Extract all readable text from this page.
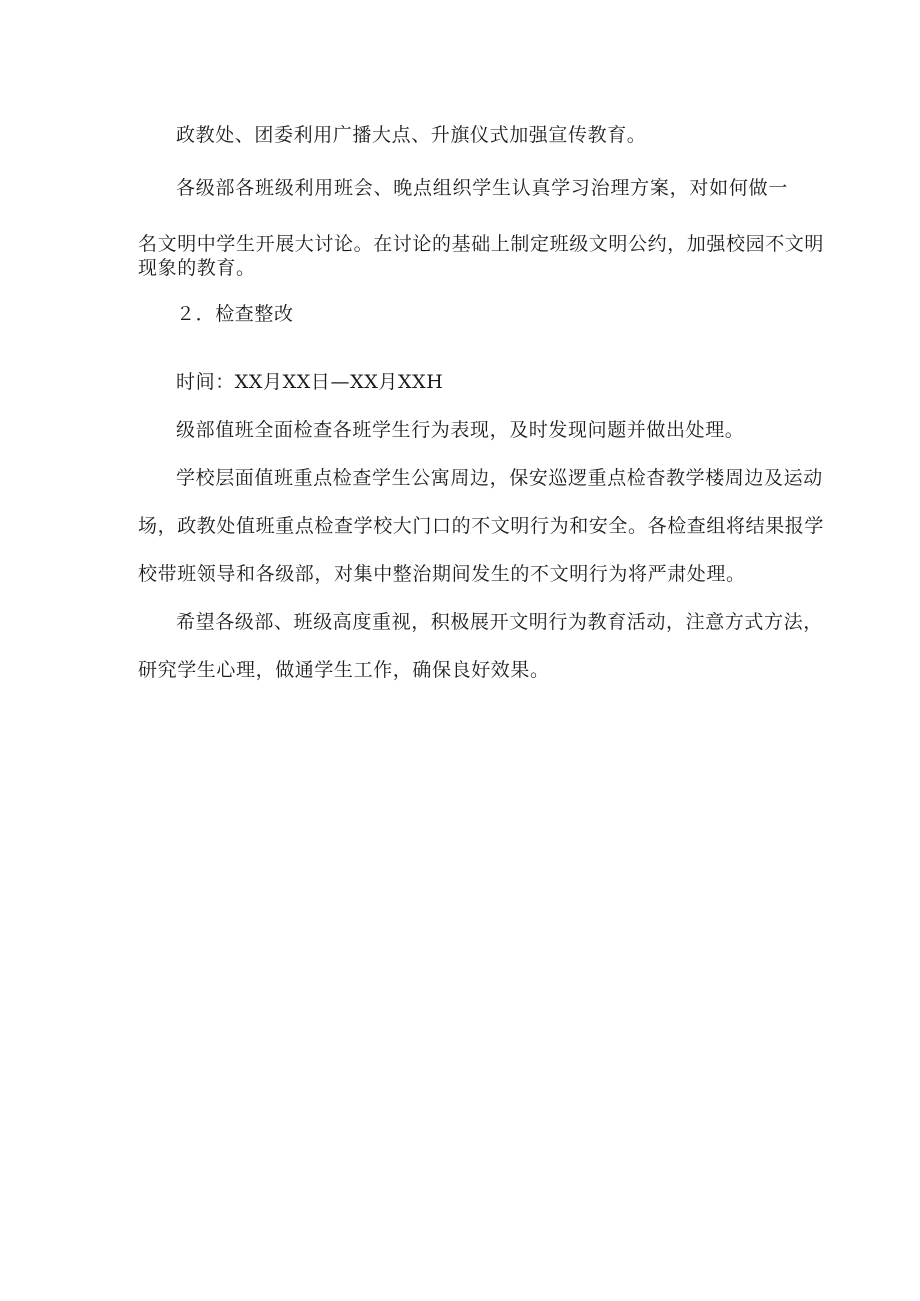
政教处、团委利用广播大点、升旗仪式加强宣传教育。
各级部各班级利用班会、晚点组织学生认真学习治理方案，对如何做一
名文明中学生开展大讨论。在讨论的基础上制定班级文明公约，加强校园不文明
现象的教育。
２．检查整改
时间：XX月XX日—XX月XXH
级部值班全面检查各班学生行为表现，及时发现问题并做出处理。
学校层面值班重点检查学生公寓周边，保安巡逻重点检杳教学楼周边及运动
场，政教处值班重点检查学校大门口的不文明行为和安全。各检查组将结果报学
校带班领导和各级部，对集中整治期间发生的不文明行为将严肃处理。
希望各级部、班级高度重视，积极展开文明行为教育活动，注意方式方法，
研究学生心理，做通学生工作，确保良好效果。
